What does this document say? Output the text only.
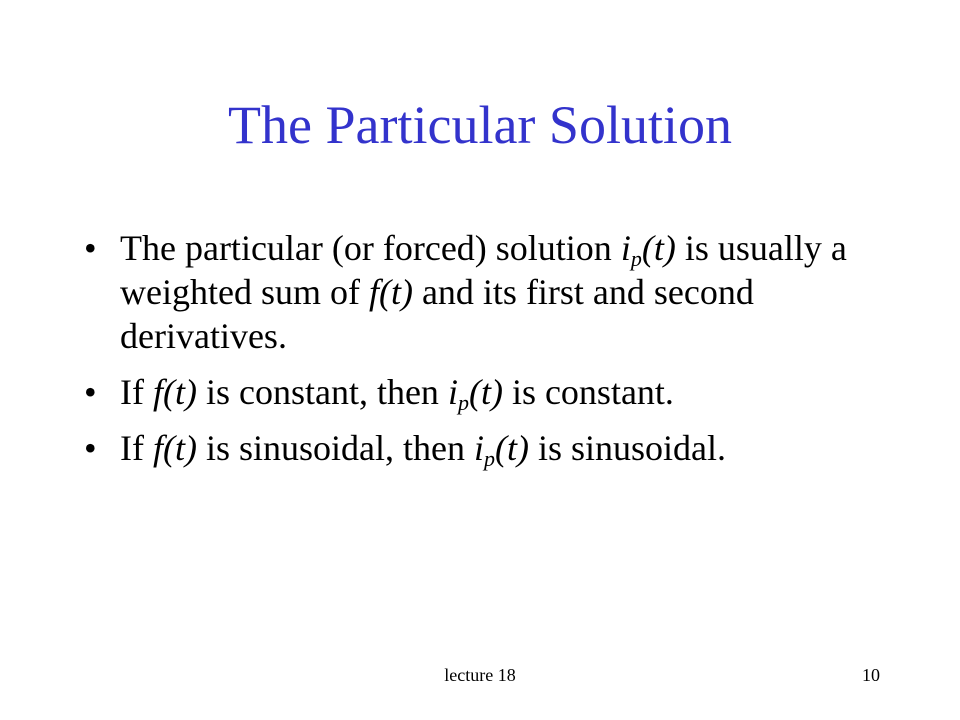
The Particular Solution
• The particular (or forced) solution $i_p(t)$ is usually a weighted sum of f(t) and its first and second derivatives.
• If f(t) is constant, then $i_p(t)$ is constant.
• If f(t) is sinusoidal, then $i_p(t)$ is sinusoidal.
lecture 18	10
